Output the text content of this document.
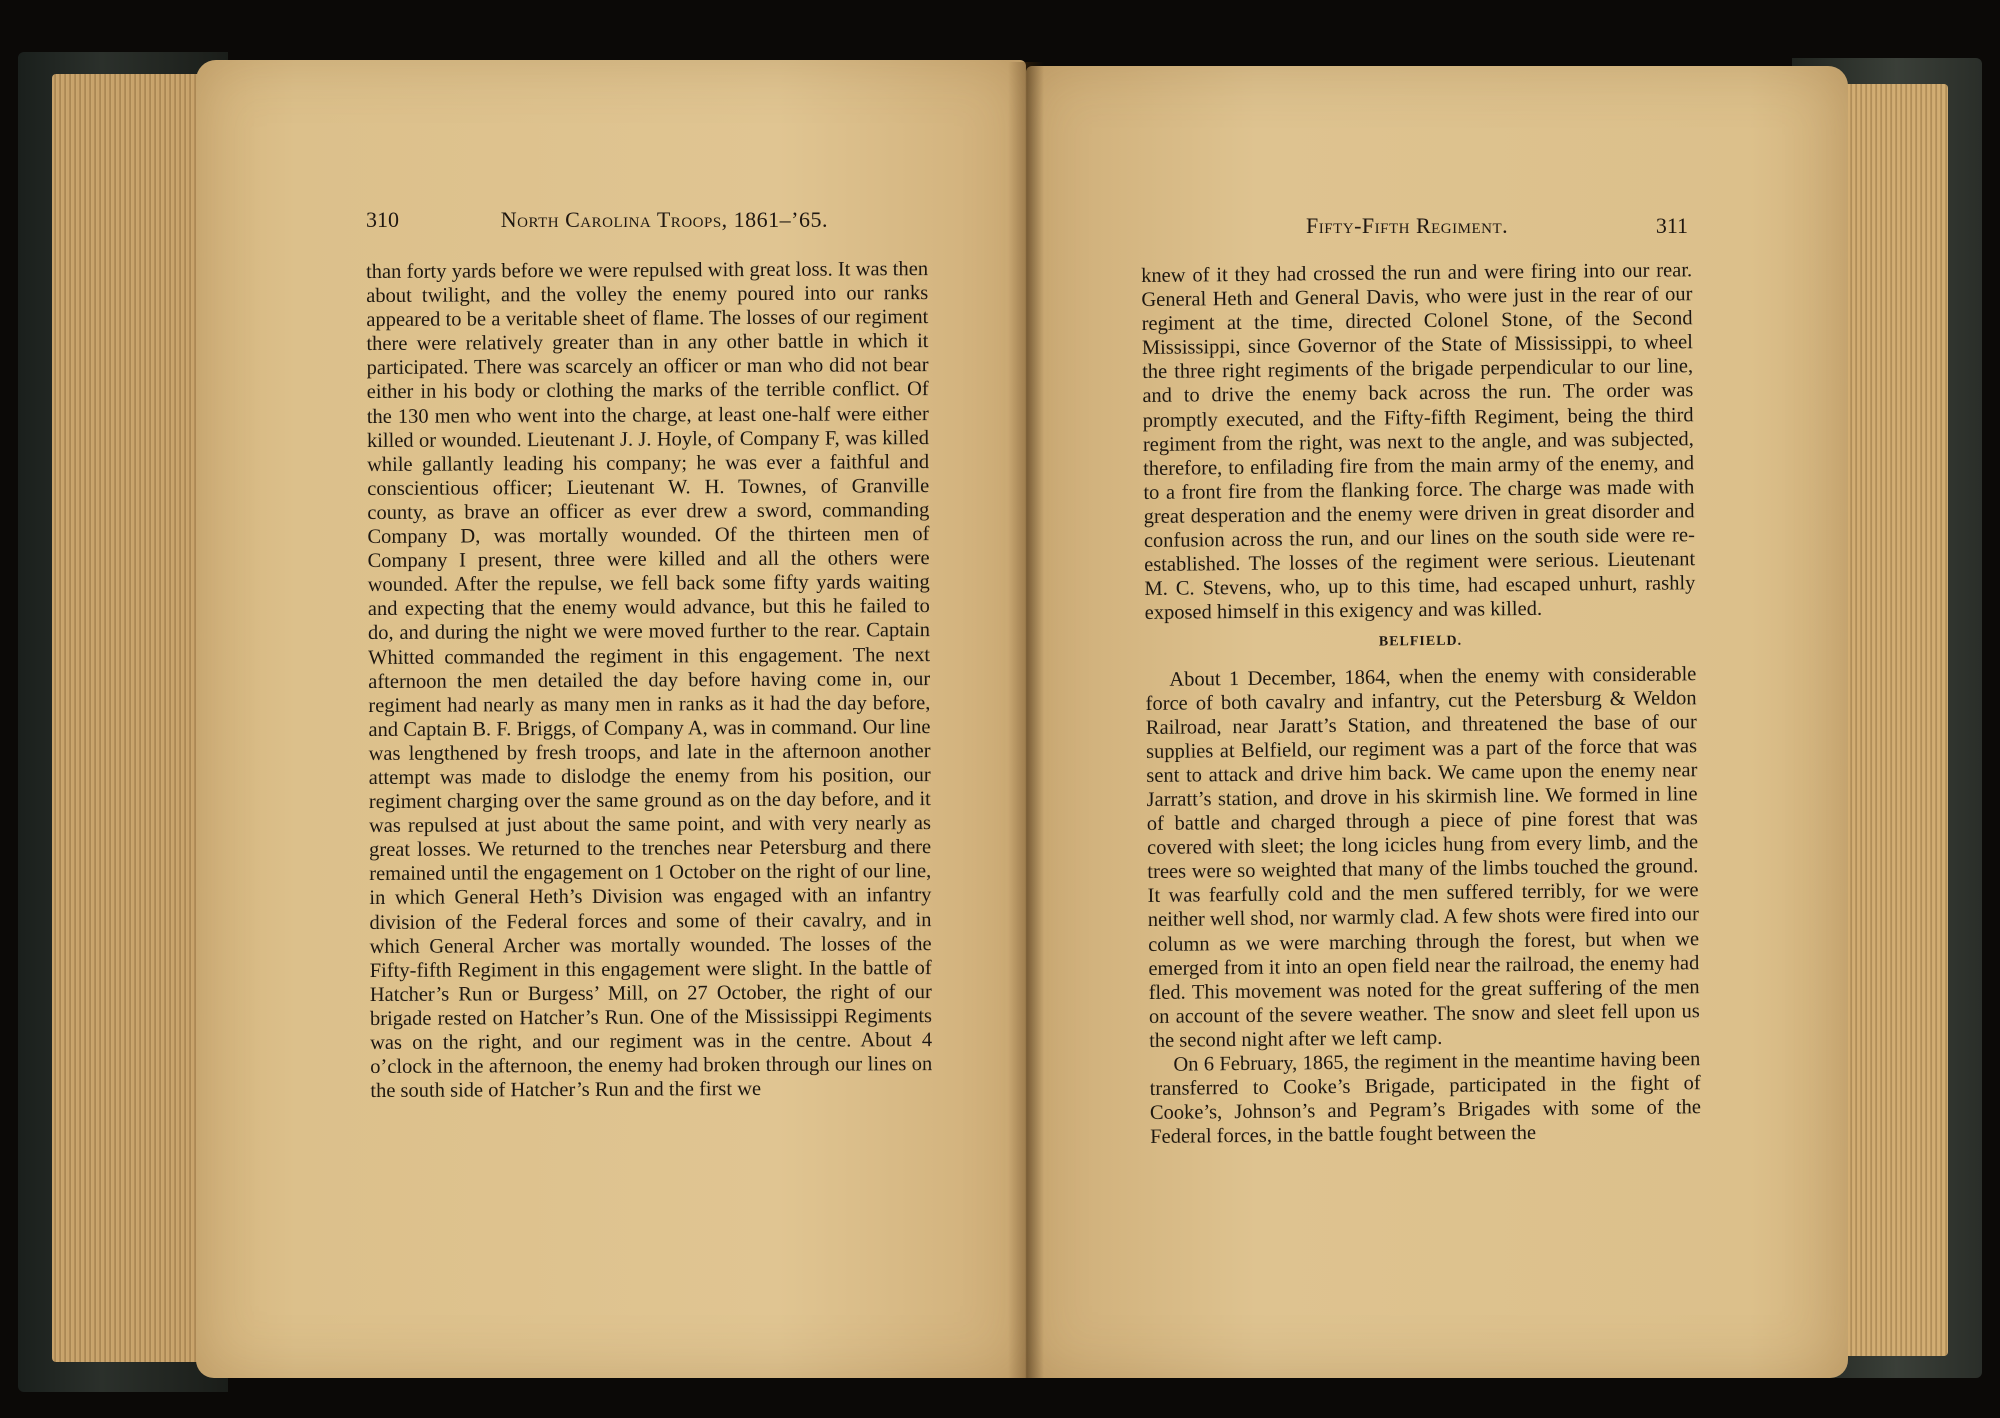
310	North Carolina Troops, 1861–’65.	Fifty-Fifth Regiment.	311

than forty yards before we were repulsed with great loss. It was then about twilight, and the volley the enemy poured into our ranks appeared to be a veritable sheet of flame. The losses of our regiment there were relatively greater than in any other battle in which it participated. There was scarcely an officer or man who did not bear either in his body or clothing the marks of the terrible conflict. Of the 130 men who went into the charge, at least one-half were either killed or wounded. Lieutenant J. J. Hoyle, of Company F, was killed while gallantly leading his company; he was ever a faithful and conscientious officer; Lieutenant W. H. Townes, of Granville county, as brave an officer as ever drew a sword, commanding Company D, was mortally wounded. Of the thirteen men of Company I present, three were killed and all the others were wounded. After the repulse, we fell back some fifty yards waiting and expecting that the enemy would advance, but this he failed to do, and during the night we were moved further to the rear. Captain Whitted commanded the regiment in this engagement. The next afternoon the men detailed the day before having come in, our regiment had nearly as many men in ranks as it had the day before, and Captain B. F. Briggs, of Company A, was in command. Our line was lengthened by fresh troops, and late in the afternoon another attempt was made to dislodge the enemy from his position, our regiment charging over the same ground as on the day before, and it was repulsed at just about the same point, and with very nearly as great losses. We returned to the trenches near Petersburg and there remained until the engagement on 1 October on the right of our line, in which General Heth’s Division was engaged with an infantry division of the Federal forces and some of their cavalry, and in which General Archer was mortally wounded. The losses of the Fifty-fifth Regiment in this engagement were slight. In the battle of Hatcher’s Run or Burgess’ Mill, on 27 October, the right of our brigade rested on Hatcher’s Run. One of the Mississippi Regiments was on the right, and our regiment was in the centre. About 4 o’clock in the afternoon, the enemy had broken through our lines on the south side of Hatcher’s Run and the first we

knew of it they had crossed the run and were firing into our rear. General Heth and General Davis, who were just in the rear of our regiment at the time, directed Colonel Stone, of the Second Mississippi, since Governor of the State of Mississippi, to wheel the three right regiments of the brigade perpendicular to our line, and to drive the enemy back across the run. The order was promptly executed, and the Fifty-fifth Regiment, being the third regiment from the right, was next to the angle, and was subjected, therefore, to enfilading fire from the main army of the enemy, and to a front fire from the flanking force. The charge was made with great desperation and the enemy were driven in great disorder and confusion across the run, and our lines on the south side were re-established. The losses of the regiment were serious. Lieutenant M. C. Stevens, who, up to this time, had escaped unhurt, rashly exposed himself in this exigency and was killed.

BELFIELD.

About 1 December, 1864, when the enemy with considerable force of both cavalry and infantry, cut the Petersburg & Weldon Railroad, near Jaratt’s Station, and threatened the base of our supplies at Belfield, our regiment was a part of the force that was sent to attack and drive him back. We came upon the enemy near Jarratt’s station, and drove in his skirmish line. We formed in line of battle and charged through a piece of pine forest that was covered with sleet; the long icicles hung from every limb, and the trees were so weighted that many of the limbs touched the ground. It was fearfully cold and the men suffered terribly, for we were neither well shod, nor warmly clad. A few shots were fired into our column as we were marching through the forest, but when we emerged from it into an open field near the railroad, the enemy had fled. This movement was noted for the great suffering of the men on account of the severe weather. The snow and sleet fell upon us the second night after we left camp.

On 6 February, 1865, the regiment in the meantime having been transferred to Cooke’s Brigade, participated in the fight of Cooke’s, Johnson’s and Pegram’s Brigades with some of the Federal forces, in the battle fought between the
